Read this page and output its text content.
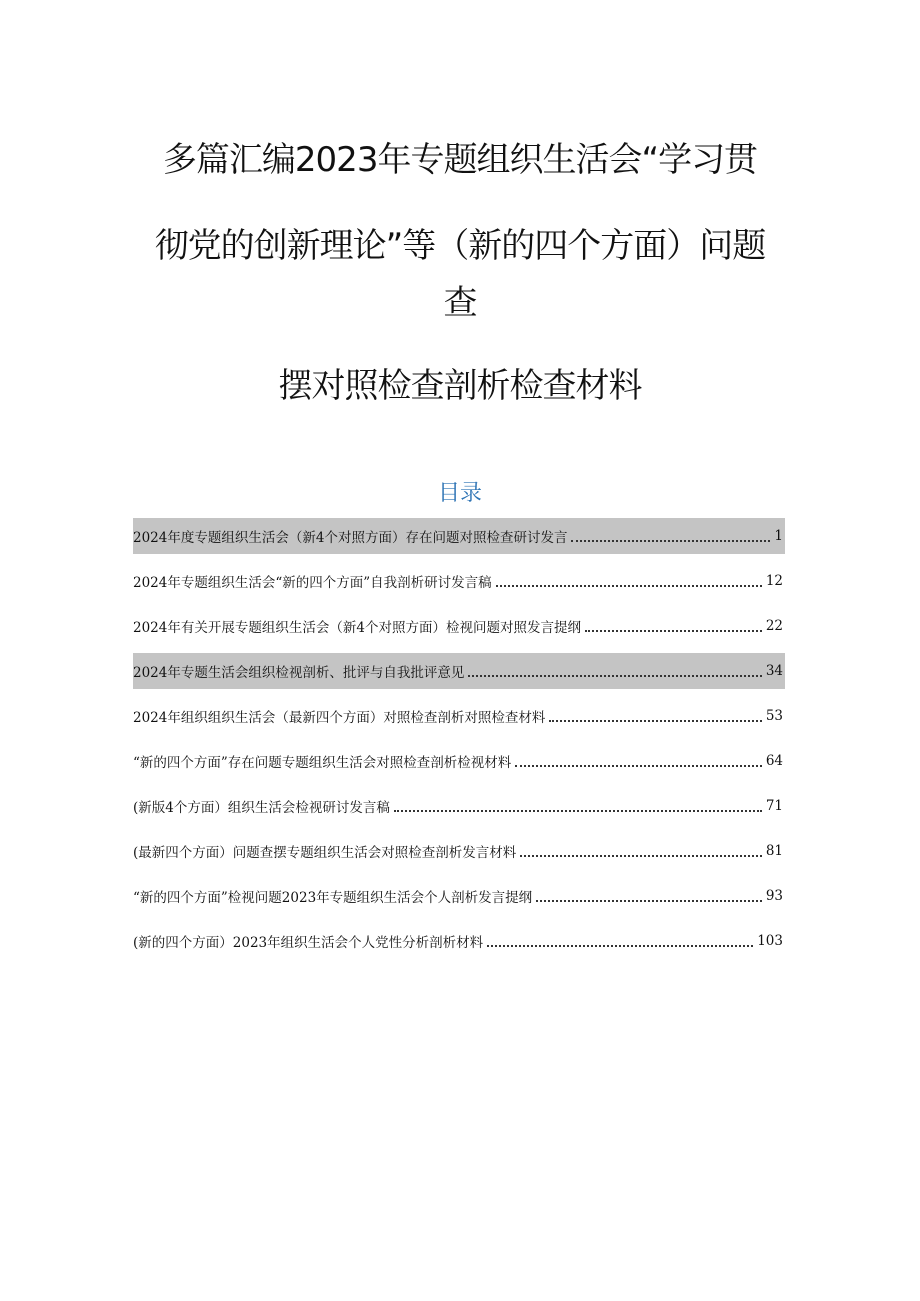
多篇汇编2023年专题组织生活会“学习贯
彻党的创新理论”等（新的四个方面）问题
查
摆对照检查剖析检查材料
目录
2024年度专题组织生活会（新4个对照方面）存在问题对照检查研讨发言	1
2024年专题组织生活会“新的四个方面”自我剖析研讨发言稿	12
2024年有关开展专题组织生活会（新4个对照方面）检视问题对照发言提纲	22
2024年专题生活会组织检视剖析、批评与自我批评意见	34
2024年组织组织生活会（最新四个方面）对照检查剖析对照检查材料	53
“新的四个方面”存在问题专题组织生活会对照检查剖析检视材料	64
(新版4个方面）组织生活会检视研讨发言稿	71
(最新四个方面）问题查摆专题组织生活会对照检查剖析发言材料	81
“新的四个方面”检视问题2023年专题组织生活会个人剖析发言提纲	93
(新的四个方面）2023年组织生活会个人党性分析剖析材料	103
